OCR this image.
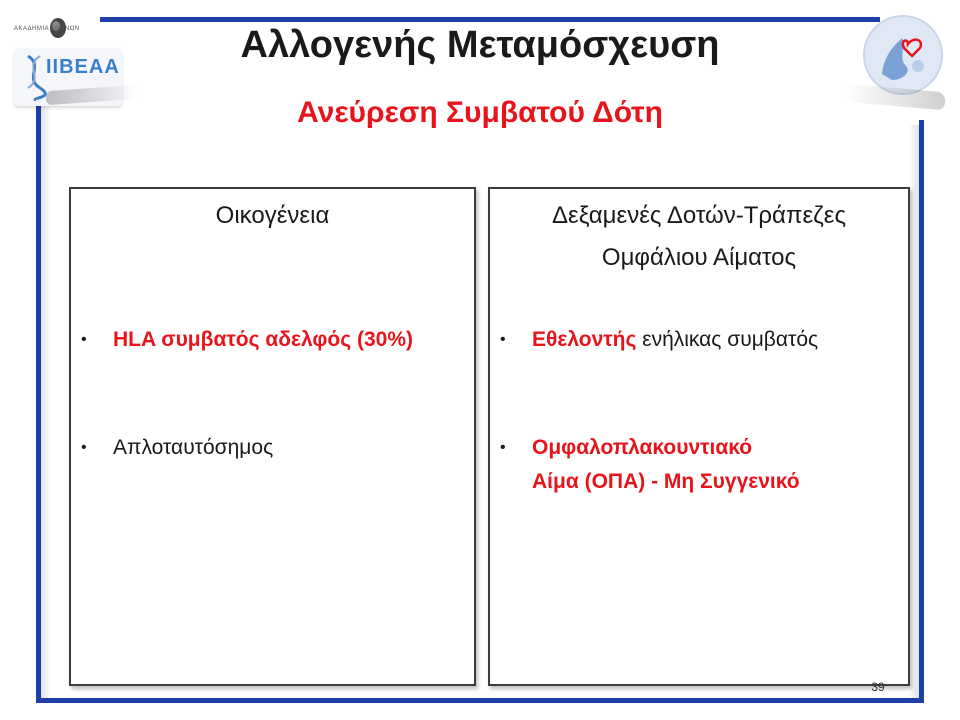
ΑΚΑΔΗΜΙΑ ΑΘΗΝΩΝ
IIBEAA
Αλλογενής Μεταμόσχευση
Ανεύρεση Συμβατού Δότη
Οικογένεια
• HLA συμβατός αδελφός (30%)
• Απλοταυτόσημος
Δεξαμενές Δοτών-Τράπεζες
Ομφάλιου Αίματος
• Εθελοντής ενήλικας συμβατός
• Ομφαλοπλακουντιακό
Αίμα (ΟΠΑ) - Μη Συγγενικό
39
